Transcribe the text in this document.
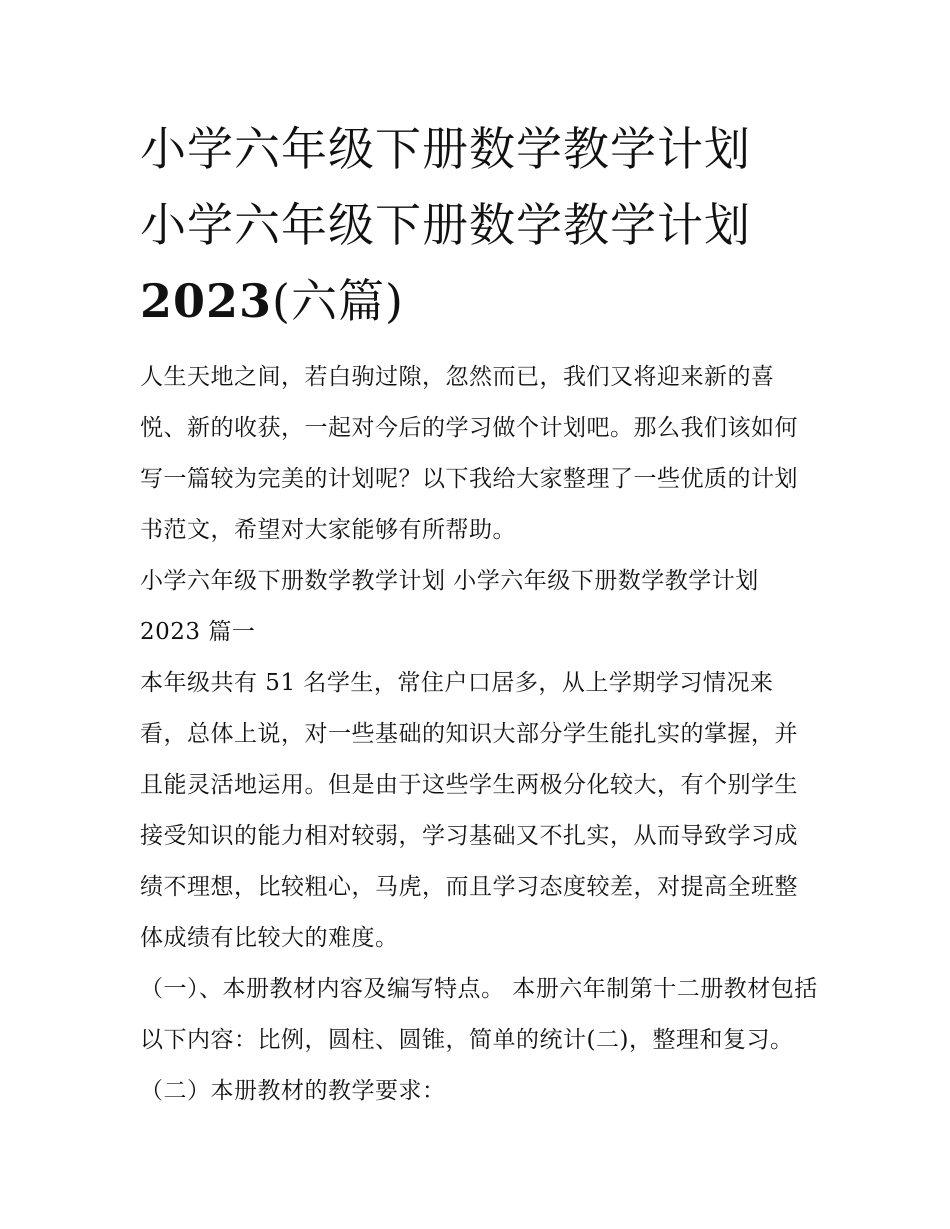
小学六年级下册数学教学计划
小学六年级下册数学教学计划
2023(六篇)

人生天地之间，若白驹过隙，忽然而已，我们又将迎来新的喜悦、新的收获，一起对今后的学习做个计划吧。那么我们该如何写一篇较为完美的计划呢？以下我给大家整理了一些优质的计划书范文，希望对大家能够有所帮助。

小学六年级下册数学教学计划 小学六年级下册数学教学计划 2023 篇一

本年级共有 51 名学生，常住户口居多，从上学期学习情况来看，总体上说，对一些基础的知识大部分学生能扎实的掌握，并且能灵活地运用。但是由于这些学生两极分化较大，有个别学生接受知识的能力相对较弱，学习基础又不扎实，从而导致学习成绩不理想，比较粗心，马虎，而且学习态度较差，对提高全班整体成绩有比较大的难度。

（一）、本册教材内容及编写特点。 本册六年制第十二册教材包括以下内容：比例，圆柱、圆锥，简单的统计(二)，整理和复习。 （二）本册教材的教学要求：
